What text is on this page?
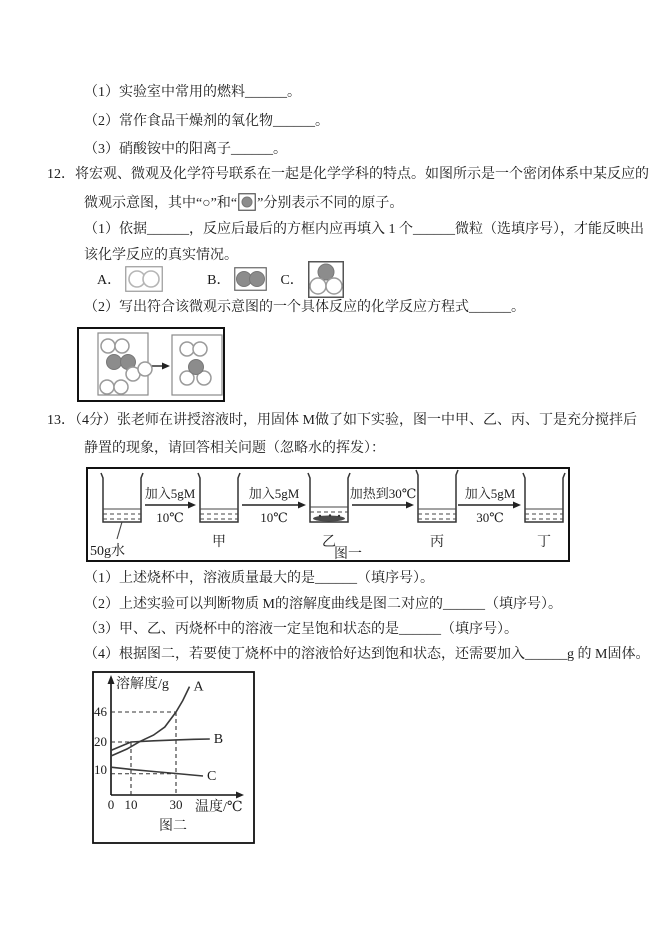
（1）实验室中常用的燃料______。
（2）常作食品干燥剂的氧化物______。
（3）硝酸铵中的阳离子______。
12．将宏观、微观及化学符号联系在一起是化学学科的特点。如图所示是一个密闭体系中某反应的
微观示意图，其中“○”和“ ”分别表示不同的原子。
（1）依据______，反应后最后的方框内应再填入 1 个______微粒（选填序号），才能反映出
该化学反应的真实情况。
A．	B．	C．
（2）写出符合该微观示意图的一个具体反应的化学反应方程式______。
13．（4分）张老师在讲授溶液时，用固体 M做了如下实验，图一中甲、乙、丙、丁是充分搅拌后
静置的现象，请回答相关问题（忽略水的挥发）：
加入5gM
10℃
加入5gM
10℃
加热到30℃	加入5gM
30℃
50g水
甲	乙	丙	丁
图一
（1）上述烧杯中，溶液质量最大的是______（填序号）。
（2）上述实验可以判断物质 M的溶解度曲线是图二对应的______（填序号）。
（3）甲、乙、丙烧杯中的溶液一定呈饱和状态的是______（填序号）。
（4）根据图二，若要使丁烧杯中的溶液恰好达到饱和状态，还需要加入______g 的 M固体。
溶解度/g
温度/℃
图二
A
B
C
10
20
46
0 10 30
